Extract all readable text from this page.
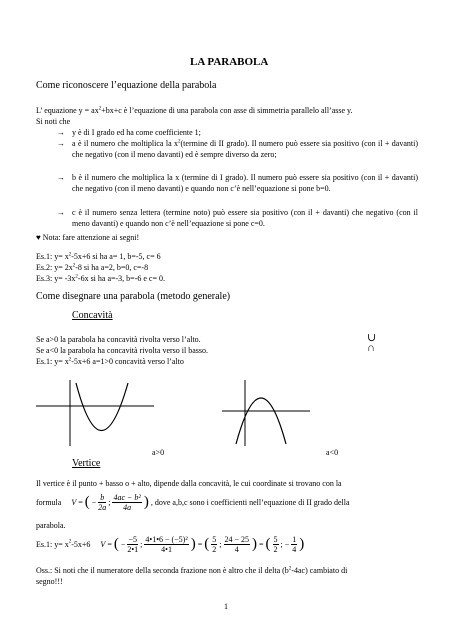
LA PARABOLA
Come riconoscere l’equazione della parabola
L’ equazione $y = ax^2+bx+c$ è l’equazione di una parabola con asse di simmetria parallelo all’asse y.
Si noti che
→ y è di I grado ed ha come coefficiente 1;
→ a è il numero che moltiplica la $x^2(termine$ di II grado). Il numero può essere sia positivo (con il + davanti) che negativo (con il meno davanti) ed è sempre diverso da zero;
→ b è il numero che moltiplica la x (termine di I grado). Il numero può essere sia positivo (con il + davanti) che negativo (con il meno davanti) e quando non c’è nell’equazione si pone b=0.
→ c è il numero senza lettera (termine noto) può essere sia positivo (con il + davanti) che negativo (con il meno davanti) e quando non c’è nell’equazione si pone c=0.
♥ Nota: fare attenzione ai segni!
Es.1: $y= x^2-5x+6$ si ha a= 1, b=-5, c= 6
Es.2: $y= 2x^2-8$ si ha a=2, b=0, c=-8
Es.3: $y= -3x^2-6x$ si ha a=-3, b=-6 e c= 0.
Come disegnare una parabola (metodo generale)
Concavità
Se a>0 la parabola ha concavità rivolta verso l’alto.	∪
Se a<0 la parabola ha concavità rivolta verso il basso.	∩
Es.1: $y= x^2-5x+6$ a=1>0 concavità verso l’alto
a>0	a<0
Vertice
Il vertice è il punto + basso o + alto, dipende dalla concavità, le cui coordinate si trovano con la
formula V = ( − $\frac{b}{2a}$ ; $\frac{\text{4ac − b²}}{4a}$ ) , dove a,b,c sono i coefficienti nell’equazione di II grado della
parabola.
Es.1: $y= x^2-5x+6$ V = ( − $\frac{-5}{2•1}$ ; $\frac{\text{4•1•6 − (−5)²}}{4•1}$ ) = ( $\frac{5}{2}$ ; $\frac{24 - 25}{4}$ ) = ( $\frac{5}{2}$ ; − $\frac{1}{4}$ )
Oss.: Si noti che il numeratore della seconda frazione non è altro che il delta $(b^2-4ac)$ cambiato di
segno!!!
1
